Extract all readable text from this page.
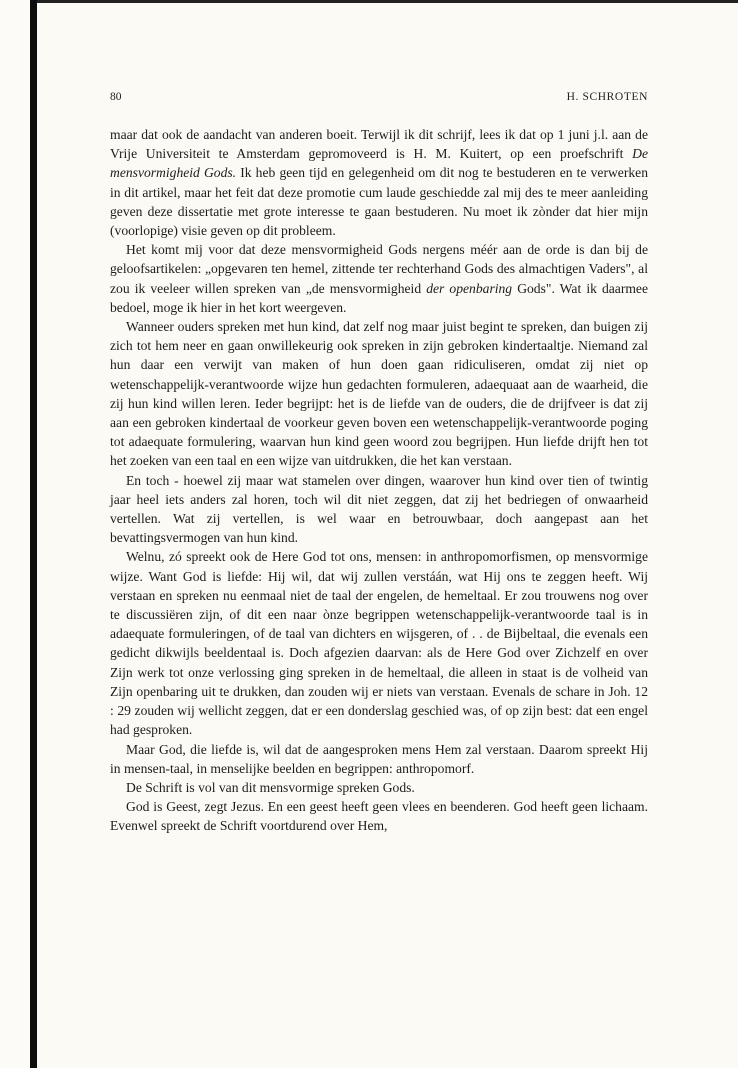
80	H. SCHROTEN

maar dat ook de aandacht van anderen boeit. Terwijl ik dit schrijf, lees ik dat op 1 juni j.l. aan de Vrije Universiteit te Amsterdam gepromoveerd is H. M. Kuitert, op een proefschrift De mensvormigheid Gods. Ik heb geen tijd en gelegenheid om dit nog te bestuderen en te verwerken in dit artikel, maar het feit dat deze promotie cum laude geschiedde zal mij des te meer aanleiding geven deze dissertatie met grote interesse te gaan bestuderen. Nu moet ik zònder dat hier mijn (voorlopige) visie geven op dit probleem.

Het komt mij voor dat deze mensvormigheid Gods nergens méér aan de orde is dan bij de geloofsartikelen: „opgevaren ten hemel, zittende ter rechterhand Gods des almachtigen Vaders", al zou ik veeleer willen spreken van „de mensvormigheid der openbaring Gods". Wat ik daarmee bedoel, moge ik hier in het kort weergeven.

Wanneer ouders spreken met hun kind, dat zelf nog maar juist begint te spreken, dan buigen zij zich tot hem neer en gaan onwillekeurig ook spreken in zijn gebroken kindertaaltje. Niemand zal hun daar een verwijt van maken of hun doen gaan ridiculiseren, omdat zij niet op wetenschappelijk-verantwoorde wijze hun gedachten formuleren, adaequaat aan de waarheid, die zij hun kind willen leren. Ieder begrijpt: het is de liefde van de ouders, die de drijfveer is dat zij aan een gebroken kindertaal de voorkeur geven boven een wetenschappelijk-verantwoorde poging tot adaequate formulering, waarvan hun kind geen woord zou begrijpen. Hun liefde drijft hen tot het zoeken van een taal en een wijze van uitdrukken, die het kan verstaan.

En toch - hoewel zij maar wat stamelen over dingen, waarover hun kind over tien of twintig jaar heel iets anders zal horen, toch wil dit niet zeggen, dat zij het bedriegen of onwaarheid vertellen. Wat zij vertellen, is wel waar en betrouwbaar, doch aangepast aan het bevattingsvermogen van hun kind.

Welnu, zó spreekt ook de Here God tot ons, mensen: in anthropomorfismen, op mensvormige wijze. Want God is liefde: Hij wil, dat wij zullen verstáán, wat Hij ons te zeggen heeft. Wij verstaan en spreken nu eenmaal niet de taal der engelen, de hemeltaal. Er zou trouwens nog over te discussiëren zijn, of dit een naar ònze begrippen wetenschappelijk-verantwoorde taal is in adaequate formuleringen, of de taal van dichters en wijsgeren, of . . de Bijbeltaal, die evenals een gedicht dikwijls beeldentaal is. Doch afgezien daarvan: als de Here God over Zichzelf en over Zijn werk tot onze verlossing ging spreken in de hemeltaal, die alleen in staat is de volheid van Zijn openbaring uit te drukken, dan zouden wij er niets van verstaan. Evenals de schare in Joh. 12 : 29 zouden wij wellicht zeggen, dat er een donderslag geschied was, of op zijn best: dat een engel had gesproken.

Maar God, die liefde is, wil dat de aangesproken mens Hem zal verstaan. Daarom spreekt Hij in mensen-taal, in menselijke beelden en begrippen: anthropomorf.

De Schrift is vol van dit mensvormige spreken Gods.

God is Geest, zegt Jezus. En een geest heeft geen vlees en beenderen. God heeft geen lichaam. Evenwel spreekt de Schrift voortdurend over Hem,
